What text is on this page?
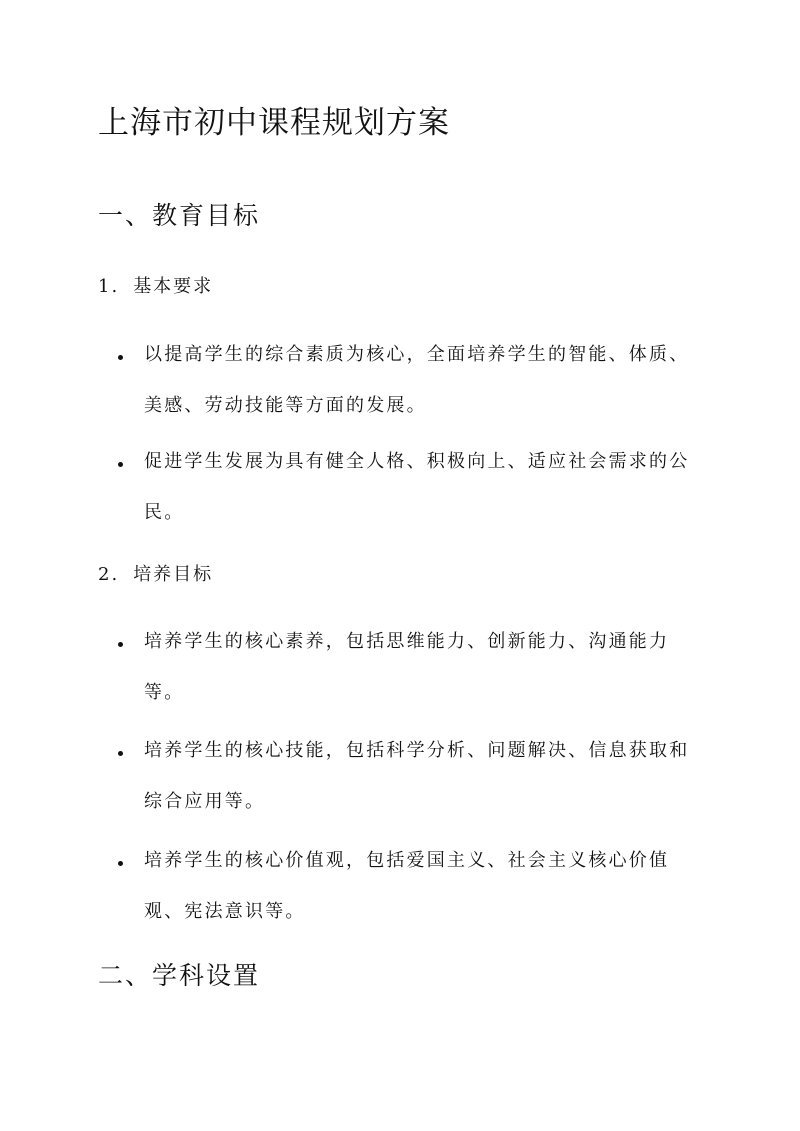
上海市初中课程规划方案
一、教育目标
1. 基本要求

以提高学生的综合素质为核心，全面培养学生的智能、体质、美感、劳动技能等方面的发展。

促进学生发展为具有健全人格、积极向上、适应社会需求的公民。

2. 培养目标

培养学生的核心素养，包括思维能力、创新能力、沟通能力等。

培养学生的核心技能，包括科学分析、问题解决、信息获取和综合应用等。

培养学生的核心价值观，包括爱国主义、社会主义核心价值观、宪法意识等。

二、学科设置
